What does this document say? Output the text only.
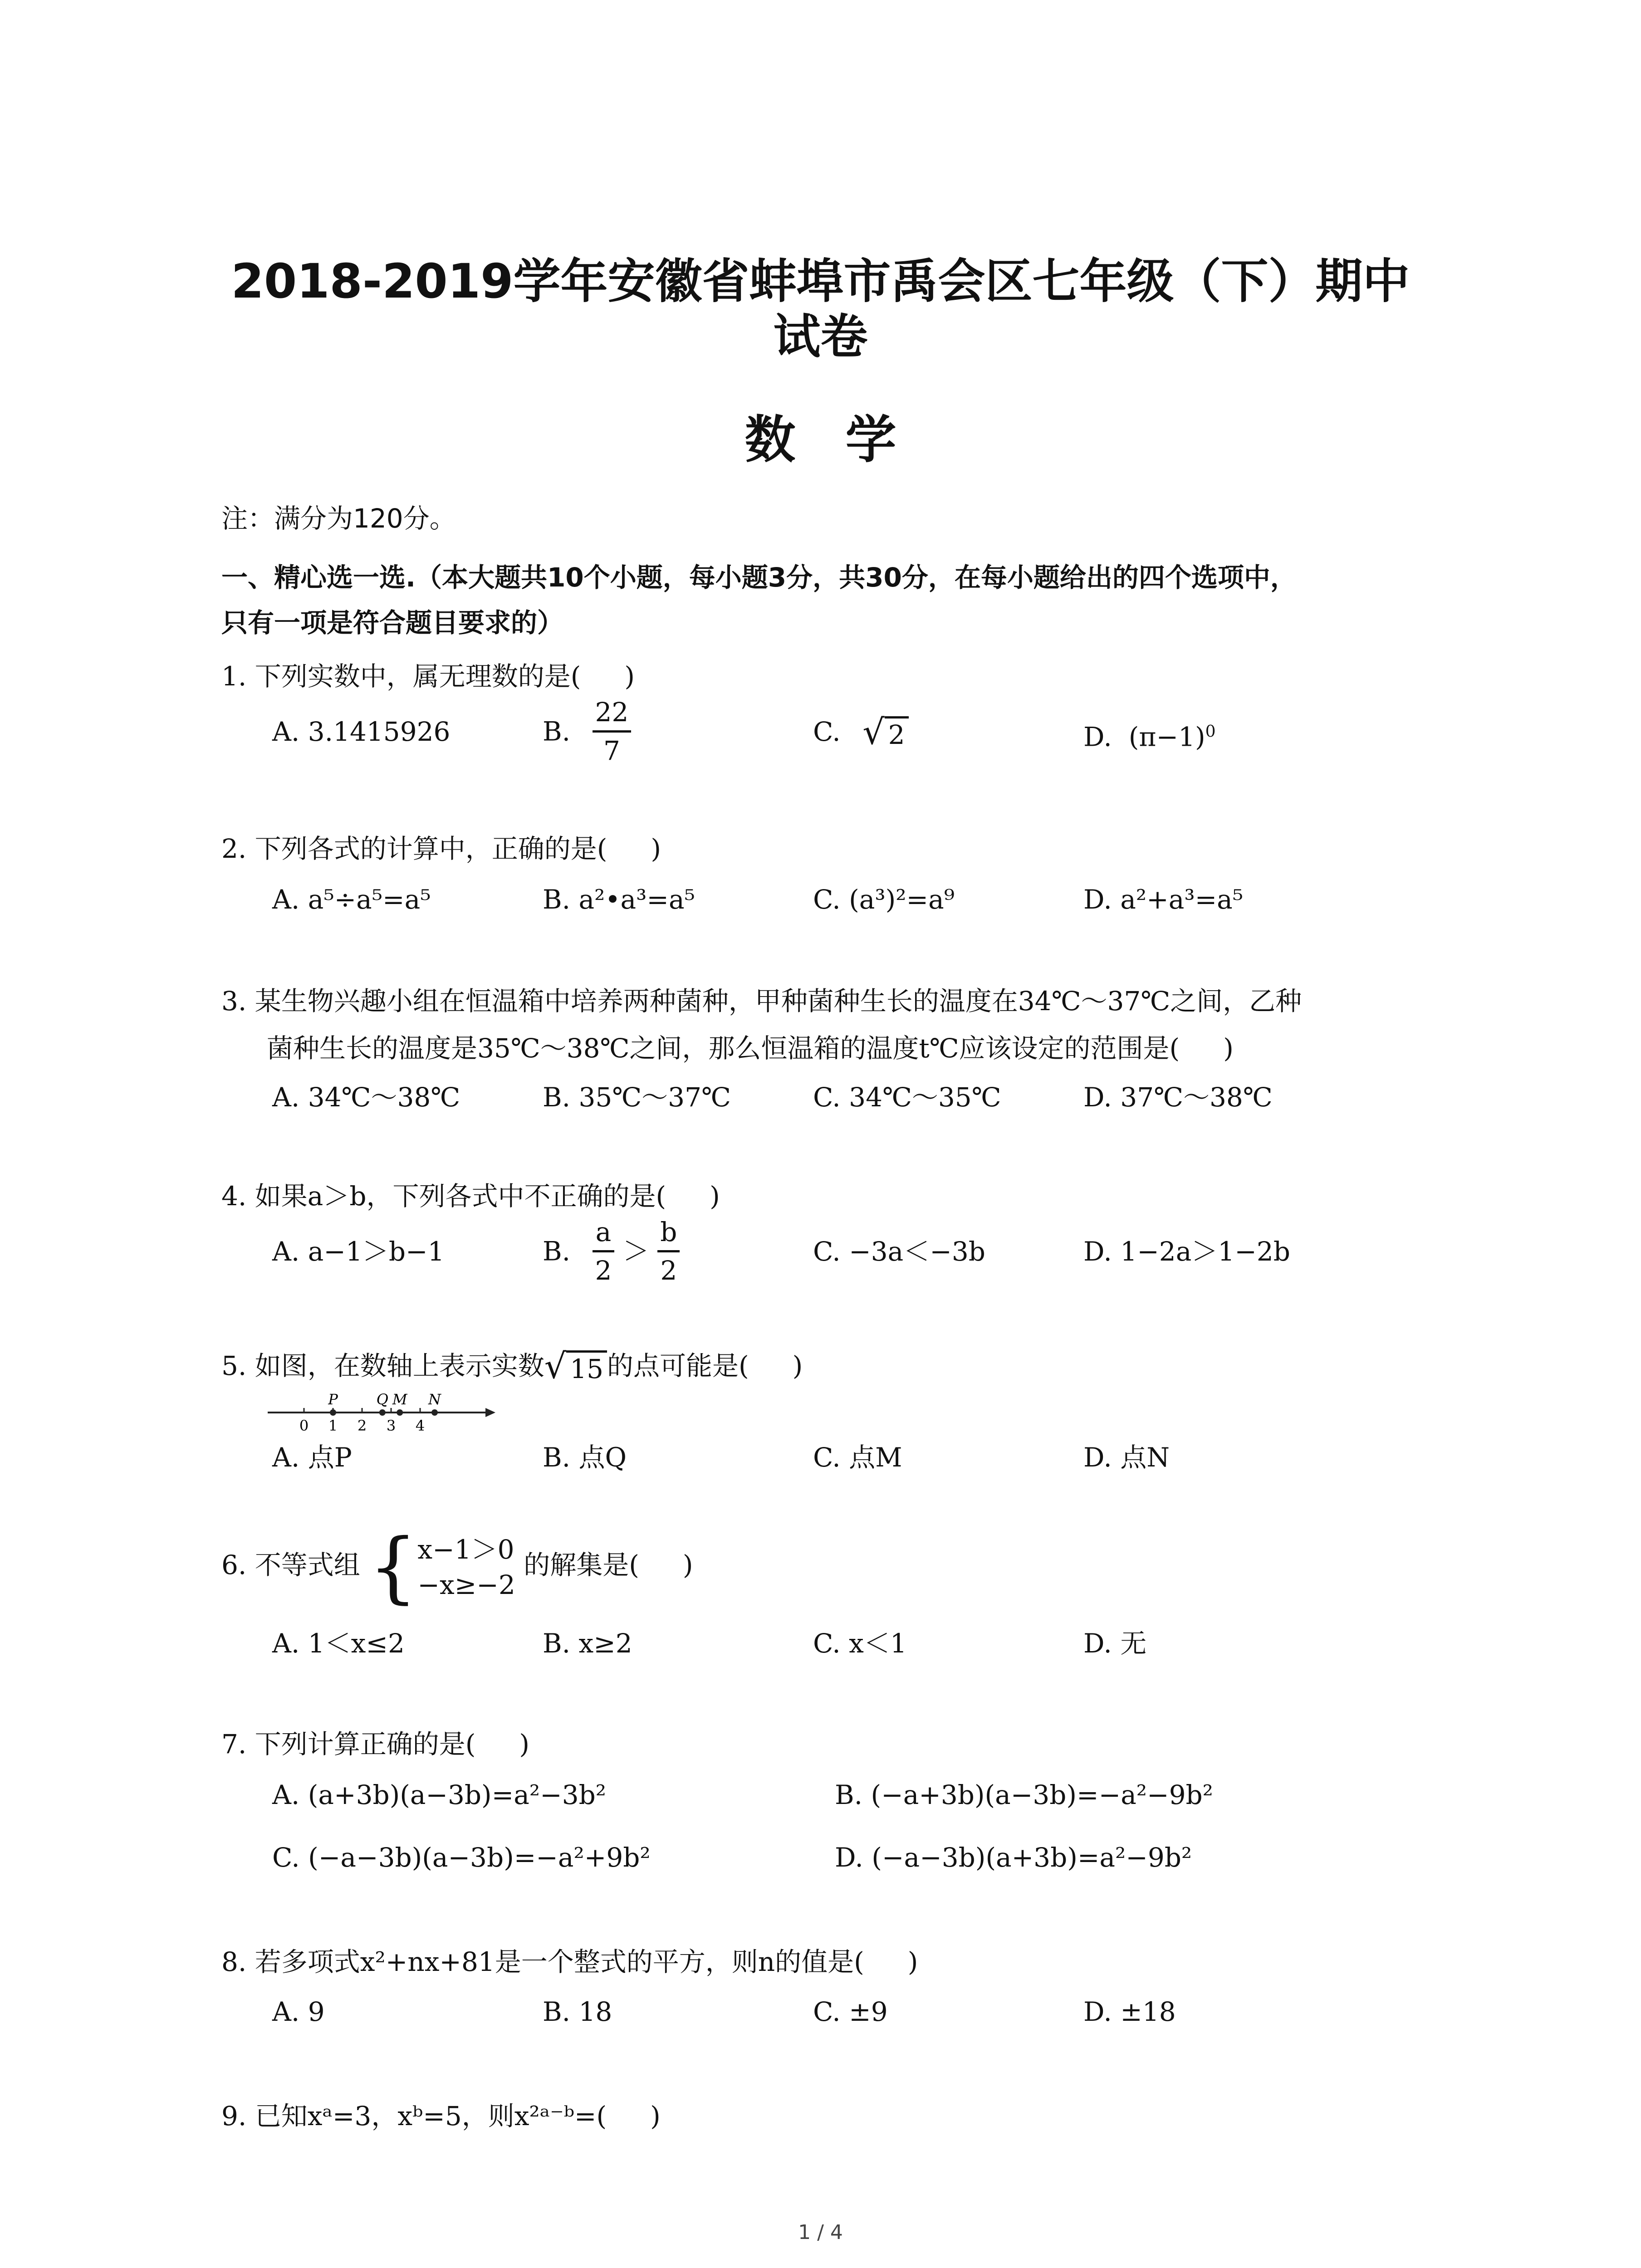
2018-2019学年安徽省蚌埠市禹会区七年级（下）期中
试卷
数学
注：满分为120分。
一、精心选一选.（本大题共10个小题，每小题3分，共30分，在每小题给出的四个选项中，
只有一项是符合题目要求的）
1. 下列实数中，属无理数的是( )
A. 3.1415926	B. $\frac{22}{7}$	C. √ 2	D. $(\pi-1)^0$
2. 下列各式的计算中，正确的是( )
A. a⁵÷a⁵=a⁵	B. a²•a³=a⁵	C. (a³)²=a⁹	D. a²+a³=a⁵
3. 某生物兴趣小组在恒温箱中培养两种菌种，甲种菌种生长的温度在34℃～37℃之间，乙种
菌种生长的温度是35℃～38℃之间，那么恒温箱的温度t℃应该设定的范围是( )
A. 34℃～38℃	B. 35℃～37℃	C. 34℃～35℃	D. 37℃～38℃
4. 如果a＞b，下列各式中不正确的是( )
A. a−1＞b−1	B. $\frac{a}{2} > \frac{b}{2}$	C. −3a＜−3b	D. 1−2a＞1−2b
5. 如图，在数轴上表示实数√ 15 的点可能是( )
0 1 2 3 4
P	Q M N
A. 点P	B. 点Q	C. 点M	D. 点N
6. 不等式组 { x−1＞0
−x≥−2
的解集是( )
A. 1＜x≤2	B. x≥2	C. x＜1	D. 无
7. 下列计算正确的是( )
A. (a+3b)(a−3b)=a²−3b²	B. (−a+3b)(a−3b)=−a²−9b²
C. (−a−3b)(a−3b)=−a²+9b²	D. (−a−3b)(a+3b)=a²−9b²
8. 若多项式x²+nx+81是一个整式的平方，则n的值是( )
A. 9	B. 18	C. ±9	D. ±18
9. 已知xᵃ=3，xᵇ=5，则x²ᵃ⁻ᵇ=( )
1 / 4
